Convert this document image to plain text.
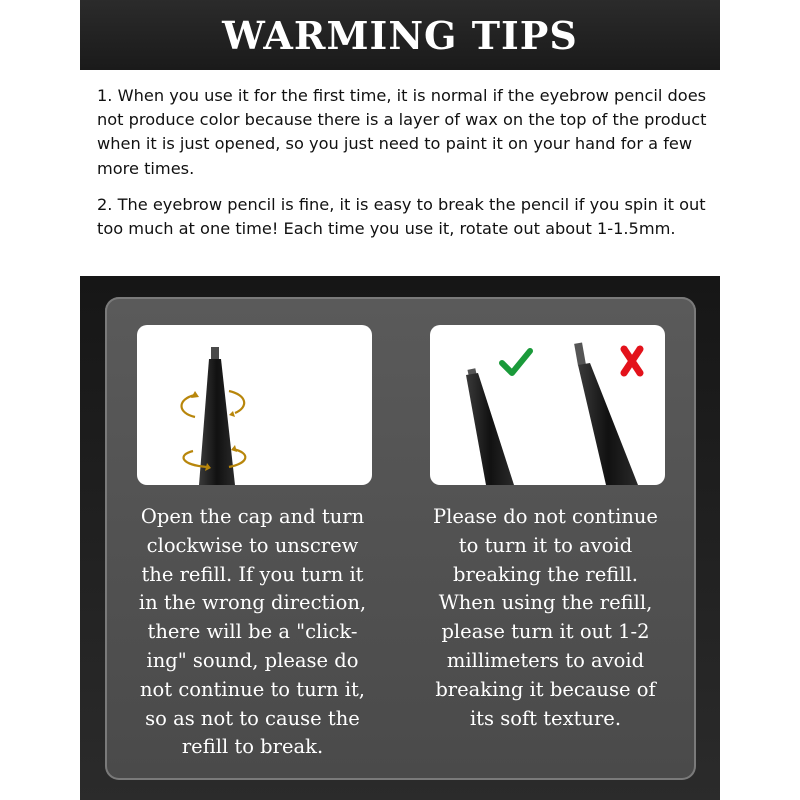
WARMING TIPS

1. When you use it for the first time, it is normal if the eyebrow pencil does not produce color because there is a layer of wax on the top of the product when it is just opened, so you just need to paint it on your hand for a few more times.

2. The eyebrow pencil is fine, it is easy to break the pencil if you spin it out too much at one time! Each time you use it, rotate out about 1-1.5mm.

Open the cap and turn
clockwise to unscrew
the refill. If you turn it
in the wrong direction,
there will be a "click-
ing" sound, please do
not continue to turn it,
so as not to cause the
refill to break.
Please do not continue
to turn it to avoid
breaking the refill.
When using the refill,
please turn it out 1-2
millimeters to avoid
breaking it because of
its soft texture.
